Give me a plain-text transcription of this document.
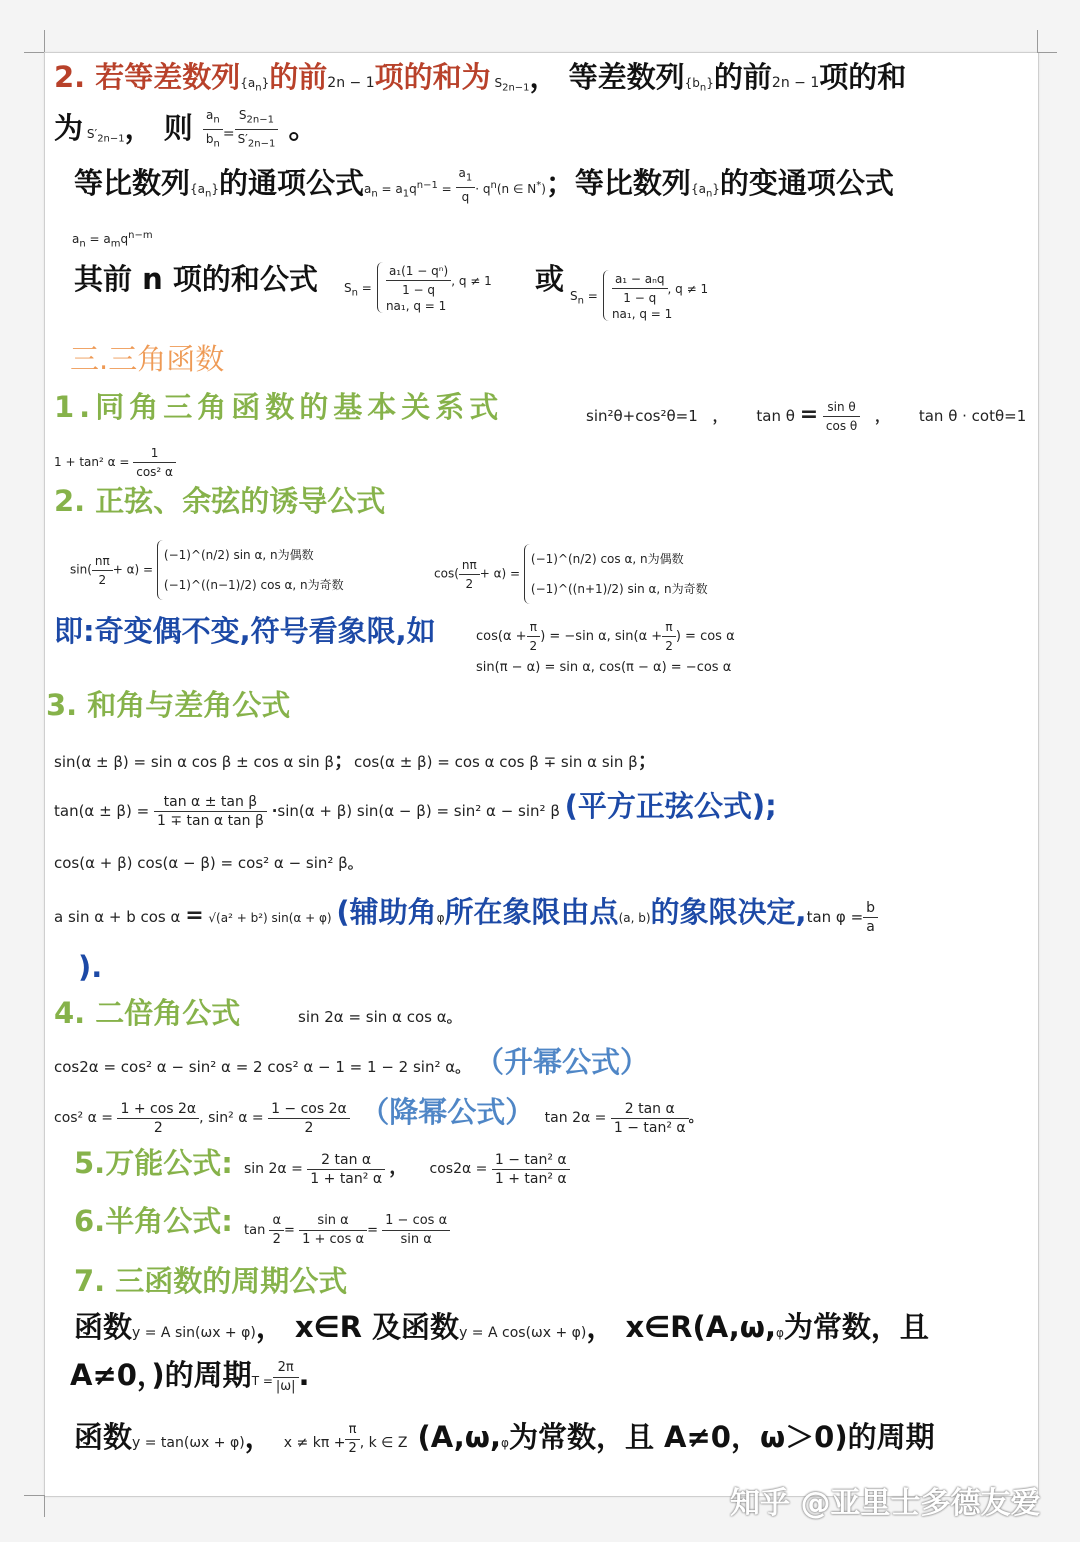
2. 若等差数列$\{a_n\}$的前2n − 1项的和为 $S_{2n-1}$， 等差数列$\{b_n\}$的前2n − 1项的和
为 $S'_{2n-1}$， 则 $\frac{a_n}{b_n} = \frac{S_{2n-1}}{S'_{2n-1}}$ 。
等比数列$\{a_n\}$的通项公式$a_n = a_1q^{n-1} = \frac{a_1}{q} \cdot q^n(n$ ∈ N*)；等比数列$\{a_n\}$的变通项公式
$a_n = a_mq^{n-m}$
其前 n 项的和公式 $S_n = \frac{\text{a₁(1 − qⁿ)}}{1 - q}$ , q ≠ 1
na₁, q = 1
或 $S_n$ =
a₁ − aₙq
1 − q
, q ≠ 1
na₁, q = 1
三.三角函数
1.同角三角函数的基本关系式	sin²θ+cos²θ=1 ， $\tan \theta = \frac{\text{sin θ}}{\text{cos θ}}$ ， tan θ · cotθ=1
1 + tan² $\alpha = \frac{1}{\text{cos² α}}$
2. 正弦、余弦的诱导公式
$\sin( \frac{n\pi}{2} + \alpha)$ =
(−1)^(n/2) sin α, n为偶数
(−1)^((n−1)/2) cos α, n为奇数
$\cos( \frac{n\pi}{2} + \alpha)$ =
(−1)^(n/2) cos α, n为偶数
(−1)^((n+1)/2) sin α, n为奇数
即:奇变偶不变,符号看象限,如	$\cos(\alpha + \frac{\pi}{2}$ ) = −sin α, $\sin(\alpha + \frac{\pi}{2}$ ) = cos α
sin(π − α) = sin α, cos(π − α) = −cos α
3. 和角与差角公式
sin(α ± β) = sin α cos β ± cos α sin β；cos(α ± β) = cos α cos β ∓ sin α sin β；
$\tan(\alpha \pm \beta) = \frac{\text{tan α ± tan β}}{\text{1 ∓ tan α tan β}} \cdot\sin(\alpha + \beta) \sin(\alpha - \beta) = \sin^2$ α − sin² β (平方正弦公式);
cos(α + β) cos(α − β) = cos² α − sin² β。
a sin α + b cos α = √(a² + b²) sin(α + φ) (辅助角φ所在象限由点(a, b)的象限决定,tan $\varphi = \frac{b}{a}$
).
4. 二倍角公式	sin 2α = sin α cos α。
cos2α = cos² α − sin² α = 2 cos² α − 1 = 1 − 2 sin² α。 （升幂公式）
cos² $\alpha = \frac{1 + \cos 2\alpha}{2}$ , sin² $\alpha = \frac{1 - \cos 2\alpha}{2}$ （降幂公式） $\tan 2\alpha = \frac{\text{2 tan α}}{\text{1 − tan² α}}$ 。
5.万能公式: $\sin 2\alpha = \frac{\text{2 tan α}}{\text{1 + tan² α}}$ ， $\cos 2\alpha = \frac{\text{1 − tan² α}}{\text{1 + tan² α}}$
6.半角公式: $\tan \frac{\alpha}{2} = \frac{\text{sin α}}{\text{1 + cos α}} = \frac{\text{1 − cos α}}{\text{sin α}}$
7. 三函数的周期公式
函数y = A sin(ωx + φ)， x∈R 及函数y = A cos(ωx + φ)， x∈R(A,ω,φ为常数，且
A≠0，)的周期$T = \frac{2\pi}{|\omega|}$ .
函数y = tan(ωx + φ)， $x \ne k\pi + \frac{\pi}{2}$ , k ∈ Z (A,ω,φ为常数，且 A≠0，ω＞0)的周期
知乎 @亚里士多德友爱
